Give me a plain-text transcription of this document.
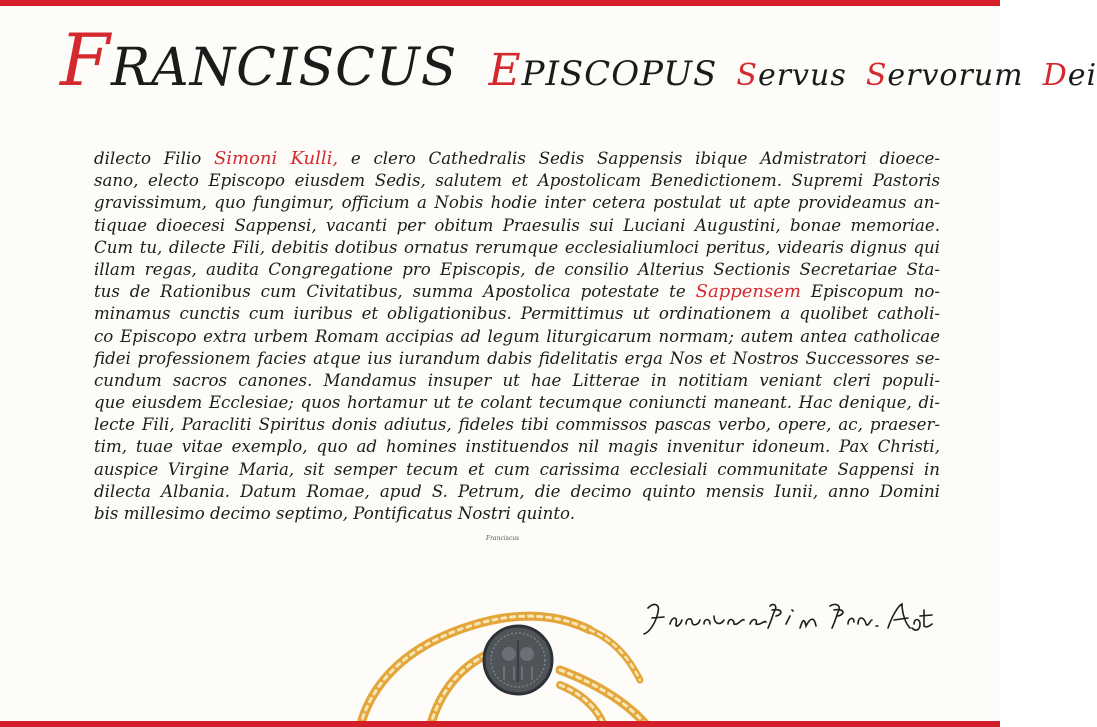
FRANCISCUS EPISCOPUS Servus Servorum Dei
dilecto Filio Simoni Kulli, e clero Cathedralis Sedis Sappensis ibique Admistratori dioece-
sano, electo Episcopo eiusdem Sedis, salutem et Apostolicam Benedictionem. Supremi Pastoris
gravissimum, quo fungimur, officium a Nobis hodie inter cetera postulat ut apte provideamus an-
tiquae dioecesi Sappensi, vacanti per obitum Praesulis sui Luciani Augustini, bonae memoriae.
Cum tu, dilecte Fili, debitis dotibus ornatus rerumque ecclesialiumloci peritus, videaris dignus qui
illam regas, audita Congregatione pro Episcopis, de consilio Alterius Sectionis Secretariae Sta-
tus de Rationibus cum Civitatibus, summa Apostolica potestate te Sappensem Episcopum no-
minamus cunctis cum iuribus et obligationibus. Permittimus ut ordinationem a quolibet catholi-
co Episcopo extra urbem Romam accipias ad legum liturgicarum normam; autem antea catholicae
fidei professionem facies atque ius iurandum dabis fidelitatis erga Nos et Nostros Successores se-
cundum sacros canones. Mandamus insuper ut hae Litterae in notitiam veniant cleri populi-
que eiusdem Ecclesiae; quos hortamur ut te colant tecumque coniuncti maneant. Hac denique, di-
lecte Fili, Paracliti Spiritus donis adiutus, fideles tibi commissos pascas verbo, opere, ac, praeser-
tim, tuae vitae exemplo, quo ad homines instituendos nil magis invenitur idoneum. Pax Christi,
auspice Virgine Maria, sit semper tecum et cum carissima ecclesiali communitate Sappensi in
dilecta Albania. Datum Romae, apud S. Petrum, die decimo quinto mensis Iunii, anno Domini
bis millesimo decimo septimo, Pontificatus Nostri quinto.
Franciscus
